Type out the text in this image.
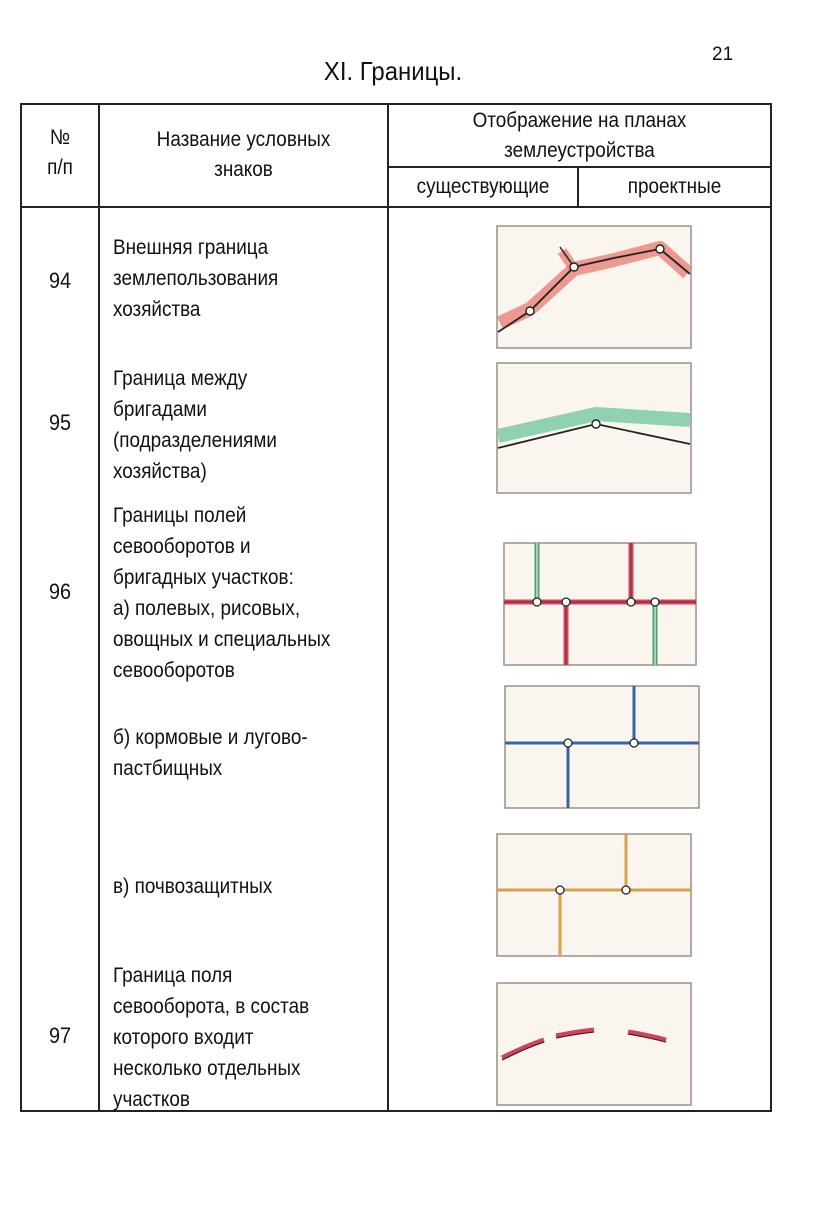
21
XI. Границы.
№
п/п
Название условных
знаков
Отображение на планах
землеустройства
существующие	проектные
94
95
96
97
Внешняя граница
землепользования
хозяйства
Граница между
бригадами
(подразделениями
хозяйства)
Границы полей
севооборотов и
бригадных участков:
а) полевых, рисовых,
овощных и специальных
севооборотов
б) кормовые и лугово-
пастбищных
в) почвозащитных
Граница поля
севооборота, в состав
которого входит
несколько отдельных
участков
